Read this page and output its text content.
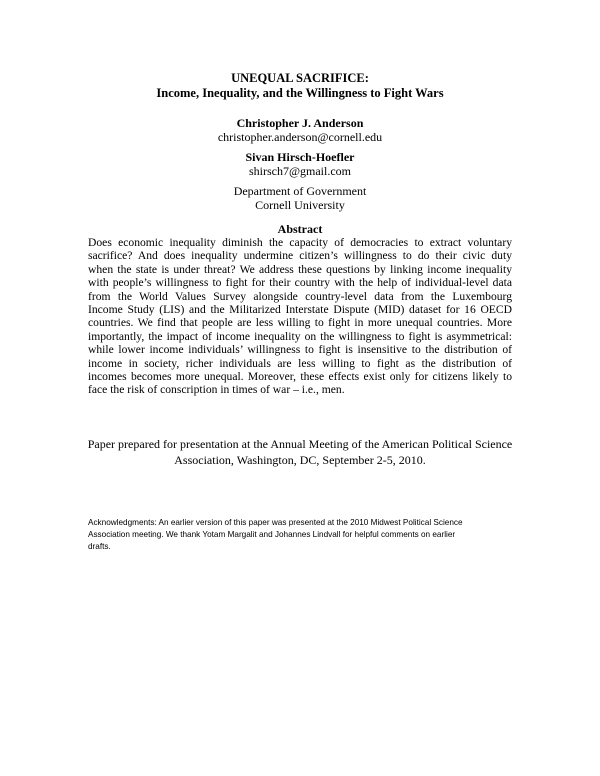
UNEQUAL SACRIFICE:
Income, Inequality, and the Willingness to Fight Wars
Christopher J. Anderson
christopher.anderson@cornell.edu
Sivan Hirsch-Hoefler
shirsch7@gmail.com
Department of Government
Cornell University
Abstract
Does economic inequality diminish the capacity of democracies to extract voluntary
sacrifice? And does inequality undermine citizen’s willingness to do their civic duty
when the state is under threat? We address these questions by linking income inequality
with people’s willingness to fight for their country with the help of individual-level data
from the World Values Survey alongside country-level data from the Luxembourg
Income Study (LIS) and the Militarized Interstate Dispute (MID) dataset for 16 OECD
countries. We find that people are less willing to fight in more unequal countries. More
importantly, the impact of income inequality on the willingness to fight is asymmetrical:
while lower income individuals’ willingness to fight is insensitive to the distribution of
income in society, richer individuals are less willing to fight as the distribution of
incomes becomes more unequal. Moreover, these effects exist only for citizens likely to
face the risk of conscription in times of war – i.e., men.
Paper prepared for presentation at the Annual Meeting of the American Political Science
Association, Washington, DC, September 2-5, 2010.
Acknowledgments: An earlier version of this paper was presented at the 2010 Midwest Political Science
Association meeting. We thank Yotam Margalit and Johannes Lindvall for helpful comments on earlier
drafts.
